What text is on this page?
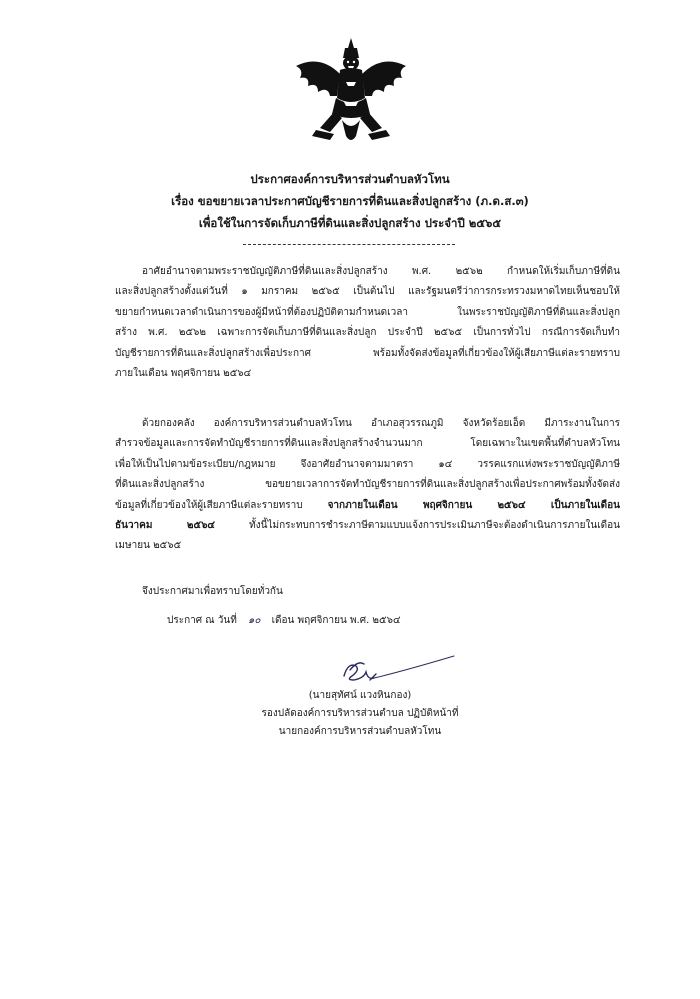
ประกาศองค์การบริหารส่วนตำบลหัวโทน
เรื่อง ขอขยายเวลาประกาศบัญชีรายการที่ดินและสิ่งปลูกสร้าง (ภ.ด.ส.๓)
เพื่อใช้ในการจัดเก็บภาษีที่ดินและสิ่งปลูกสร้าง ประจำปี ๒๕๖๕

อาศัยอำนาจตามพระราชบัญญัติภาษีที่ดินและสิ่งปลูกสร้าง พ.ศ. ๒๕๖๒ กำหนดให้เริ่มเก็บภาษีที่ดิน
และสิ่งปลูกสร้างตั้งแต่วันที่ ๑ มกราคม ๒๕๖๕ เป็นต้นไป และรัฐมนตรีว่าการกระทรวงมหาดไทยเห็นชอบให้
ขยายกำหนดเวลาดำเนินการของผู้มีหน้าที่ต้องปฏิบัติตามกำหนดเวลา ในพระราชบัญญัติภาษีที่ดินและสิ่งปลูก
สร้าง พ.ศ. ๒๕๖๒ เฉพาะการจัดเก็บภาษีที่ดินและสิ่งปลูก ประจำปี ๒๕๖๕ เป็นการทั่วไป กรณีการจัดเก็บทำ
บัญชีรายการที่ดินและสิ่งปลูกสร้างเพื่อประกาศ พร้อมทั้งจัดส่งข้อมูลที่เกี่ยวข้องให้ผู้เสียภาษีแต่ละรายทราบ
ภายในเดือน พฤศจิกายน ๒๕๖๔

ด้วยกองคลัง องค์การบริหารส่วนตำบลหัวโทน อำเภอสุวรรณภูมิ จังหวัดร้อยเอ็ด มีภาระงานในการ
สำรวจข้อมูลและการจัดทำบัญชีรายการที่ดินและสิ่งปลูกสร้างจำนวนมาก โดยเฉพาะในเขตพื้นที่ตำบลหัวโทน
เพื่อให้เป็นไปตามข้อระเบียบ/กฎหมาย จึงอาศัยอำนาจตามมาตรา ๑๔ วรรคแรกแห่งพระราชบัญญัติภาษี
ที่ดินและสิ่งปลูกสร้าง ขอขยายเวลาการจัดทำบัญชีรายการที่ดินและสิ่งปลูกสร้างเพื่อประกาศพร้อมทั้งจัดส่ง
ข้อมูลที่เกี่ยวข้องให้ผู้เสียภาษีแต่ละรายทราบ จากภายในเดือน พฤศจิกายน ๒๕๖๔ เป็นภายในเดือน
ธันวาคม ๒๕๖๔ ทั้งนี้ไม่กระทบการชำระภาษีตามแบบแจ้งการประเมินภาษีจะต้องดำเนินการภายในเดือน
เมษายน ๒๕๖๕

จึงประกาศมาเพื่อทราบโดยทั่วกัน
ประกาศ ณ วันที่ ๑๐ เดือน พฤศจิกายน พ.ศ. ๒๕๖๔
(นายสุทัศน์ แวงหินกอง)
รองปลัดองค์การบริหารส่วนตำบล ปฏิบัติหน้าที่
นายกองค์การบริหารส่วนตำบลหัวโทน
